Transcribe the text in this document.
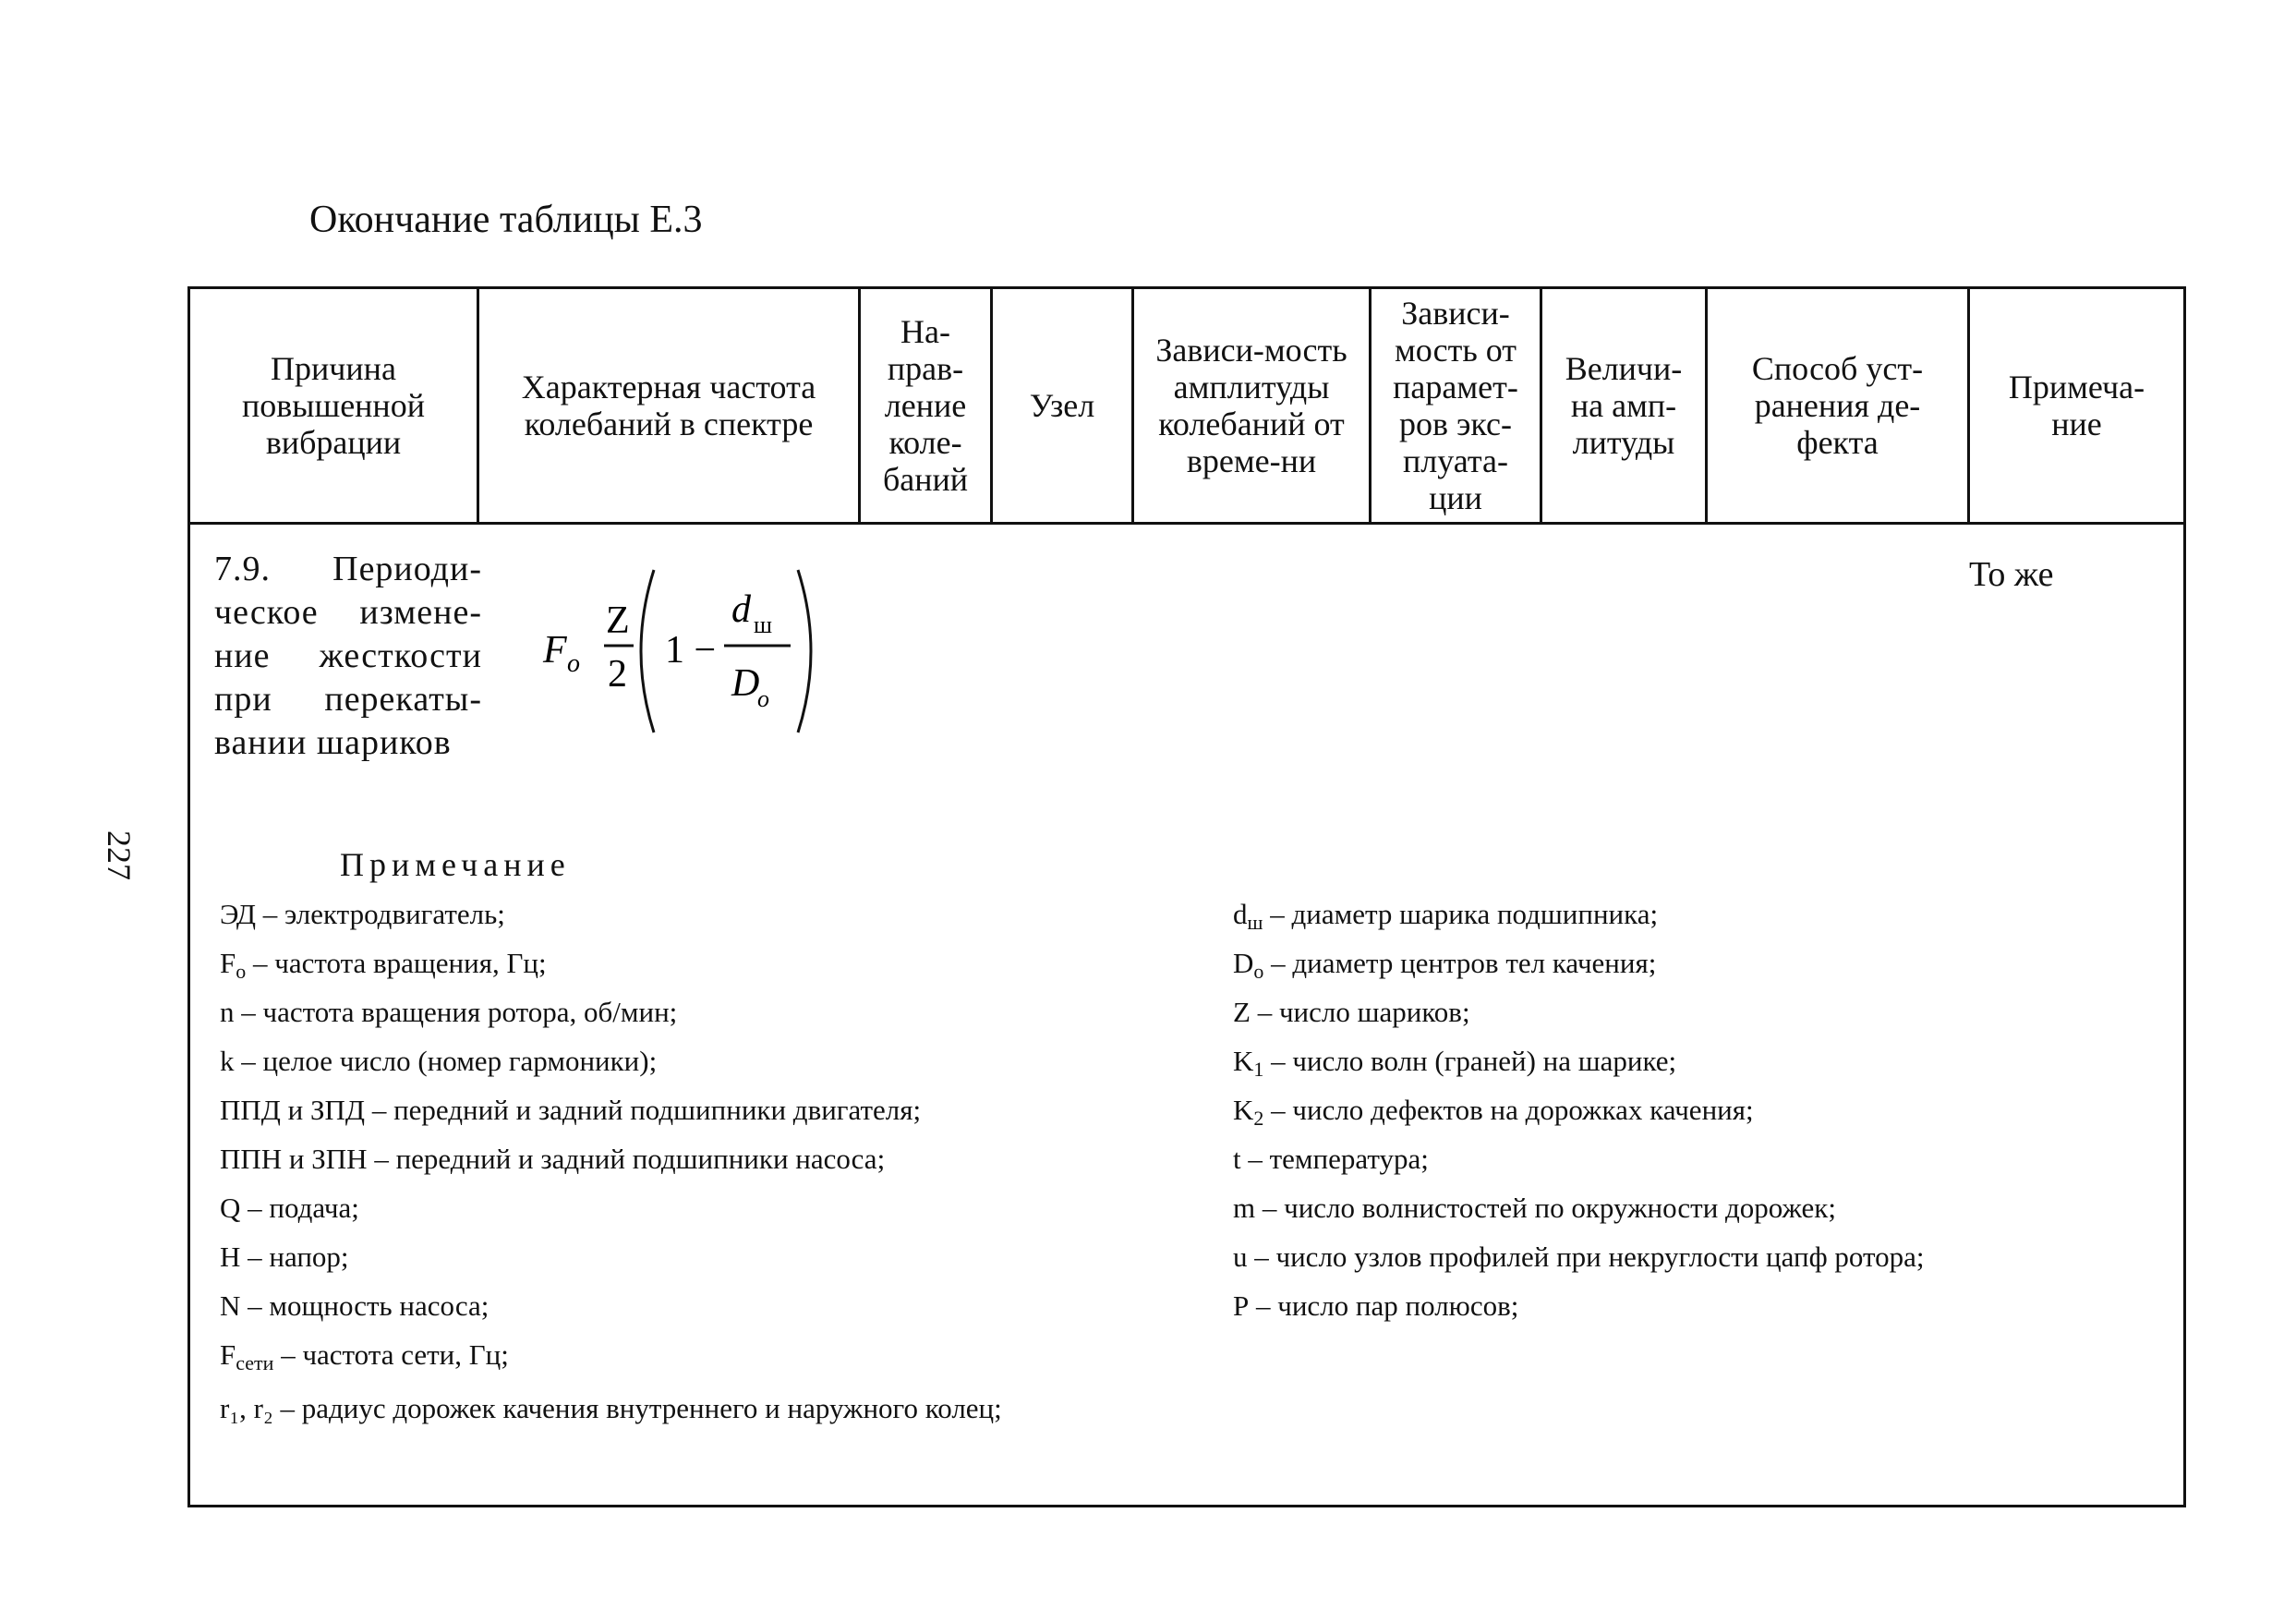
Окончание таблицы Е.3
227
Причина повышенной вибрации
Характерная частота колебаний в спектре
На-прав-ление коле-баний
Узел
Зависи-мость амплитуды колебаний от време-ни
Зависи-мость от парамет-ров экс-плуата-ции
Величи-на амп-литуды
Способ уст-ранения де-фекта
Примеча-ние
7.9. Периоди-ческое измене-ние жесткости при перекаты-вании шариков
F o
Z
2
1 −
d ш
D
o
То же
Примечание
ЭД – электродвигатель;
$F_o$ – частота вращения, Гц;
n – частота вращения ротора, об/мин;
k – целое число (номер гармоники);
ППД и ЗПД – передний и задний подшипники двигателя;
ППН и ЗПН – передний и задний подшипники насоса;
Q – подача;
H – напор;
N – мощность насоса;
$F_{сети}$ – частота сети, Гц;
r₁, r₂ – радиус дорожек качения внутреннего и наружного колец;
$d_ш$ – диаметр шарика подшипника;
$D_o$ – диаметр центров тел качения;
Z – число шариков;
$K_1$ – число волн (граней) на шарике;
$K_2$ – число дефектов на дорожках качения;
t – температура;
m – число волнистостей по окружности дорожек;
u – число узлов профилей при некруглости цапф ротора;
P – число пар полюсов;
